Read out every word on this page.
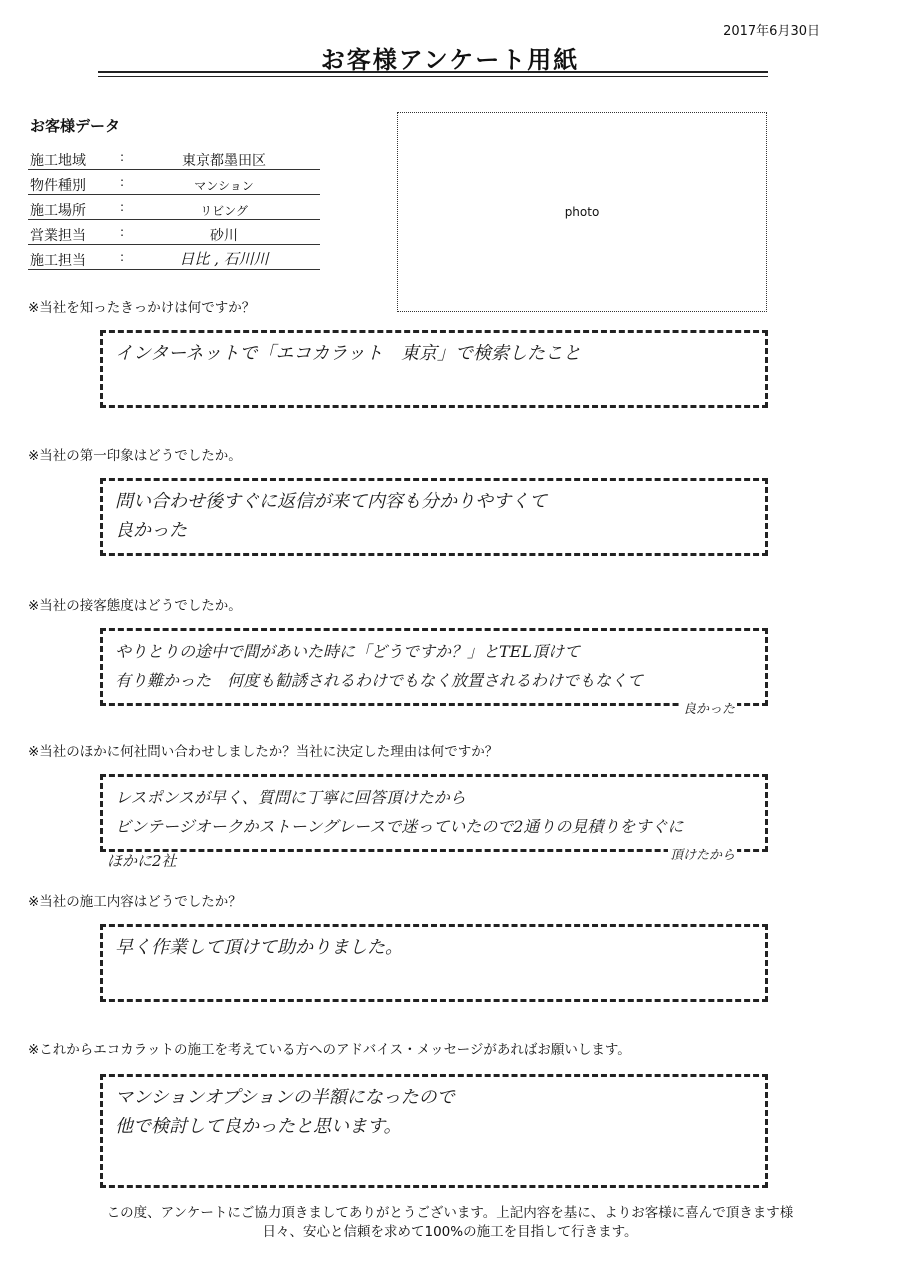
2017年6月30日
お客様アンケート用紙
お客様データ
施工地域	:	東京都墨田区
物件種別	:	マンション
施工場所	:	リビング
営業担当	:	砂川
施工担当	:	日比 , 石川川
photo
※当社を知ったきっかけは何ですか？
インターネットで「エコカラット　東京」で検索したこと
※当社の第一印象はどうでしたか。
問い合わせ後すぐに返信が来て内容も分かりやすくて
良かった
※当社の接客態度はどうでしたか。
やりとりの途中で間があいた時に「どうですか？」とTEL頂けて
有り難かった　何度も勧誘されるわけでもなく放置されるわけでもなくて
良かった
※当社のほかに何社問い合わせしましたか？当社に決定した理由は何ですか？
レスポンスが早く、質問に丁寧に回答頂けたから
ビンテージオークかストーングレースで迷っていたので2通りの見積りをすぐに
頂けたから
ほかに2社
※当社の施工内容はどうでしたか？
早く作業して頂けて助かりました。
※これからエコカラットの施工を考えている方へのアドバイス・メッセージがあればお願いします。
マンションオプションの半額になったので
他で検討して良かったと思います。
この度、アンケートにご協力頂きましてありがとうございます。上記内容を基に、よりお客様に喜んで頂きます様
日々、安心と信頼を求めて100%の施工を目指して行きます。
